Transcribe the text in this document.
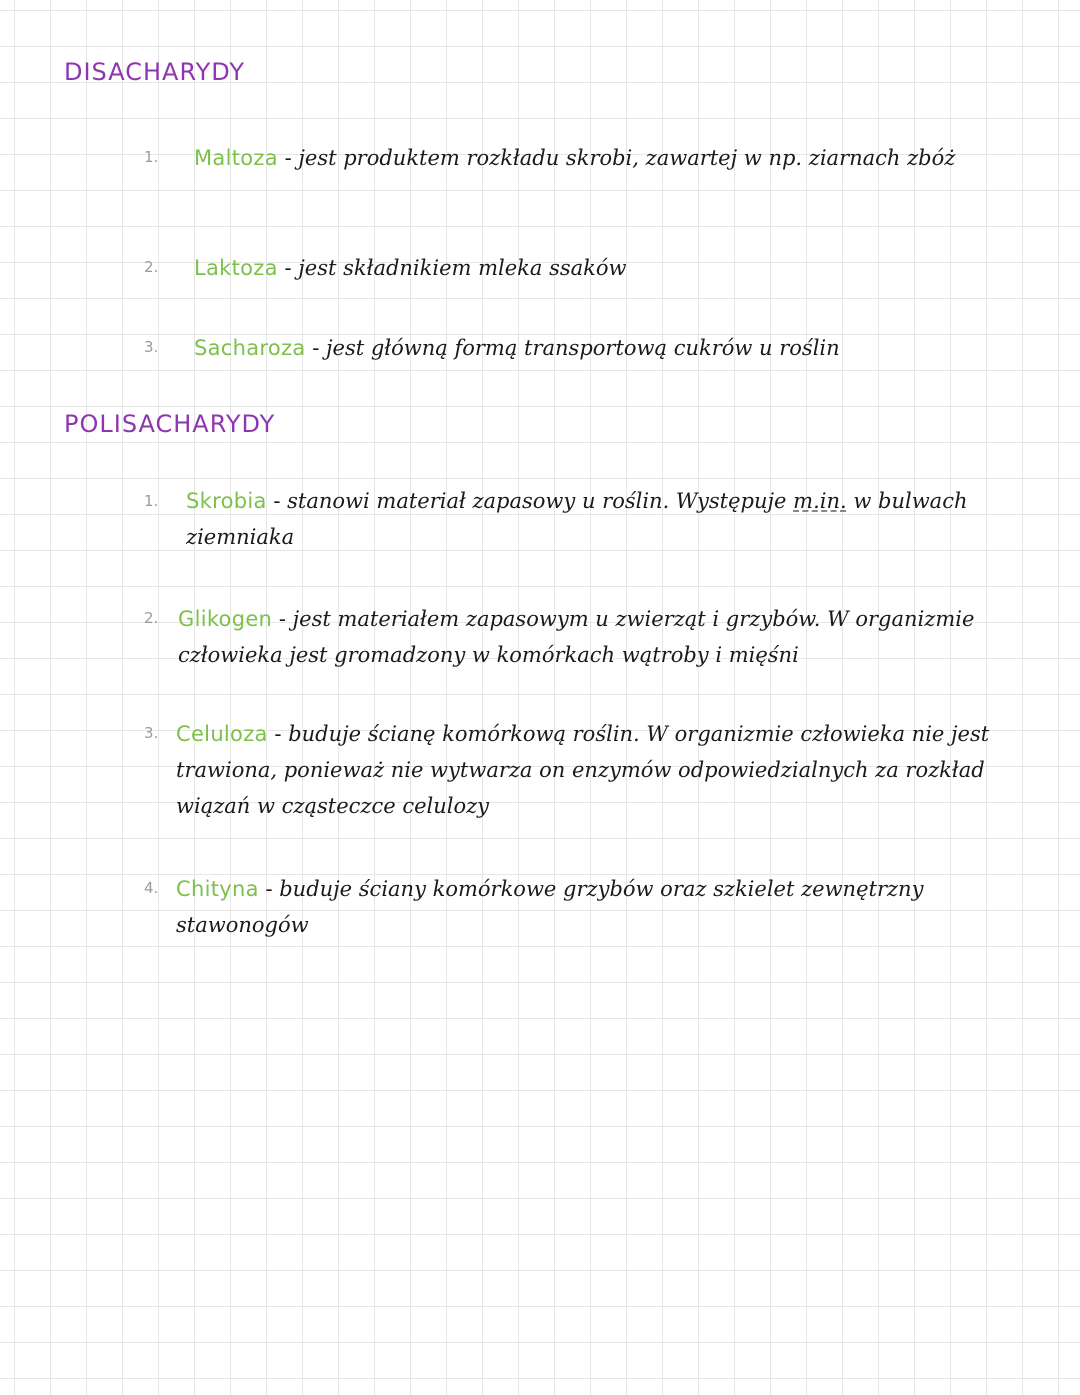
DISACHARYDY
1. Maltoza - jest produktem rozkładu skrobi, zawartej w np. ziarnach zbóż
2. Laktoza - jest składnikiem mleka ssaków
3. Sacharoza - jest główną formą transportową cukrów u roślin
POLISACHARYDY
1. Skrobia - stanowi materiał zapasowy u roślin. Występuje m.in. w bulwach ziemniaka
2. Glikogen - jest materiałem zapasowym u zwierząt i grzybów. W organizmie człowieka jest gromadzony w komórkach wątroby i mięśni
3. Celuloza - buduje ścianę komórkową roślin. W organizmie człowieka nie jest trawiona, ponieważ nie wytwarza on enzymów odpowiedzialnych za rozkład wiązań w cząsteczce celulozy
4. Chityna - buduje ściany komórkowe grzybów oraz szkielet zewnętrzny stawonogów
